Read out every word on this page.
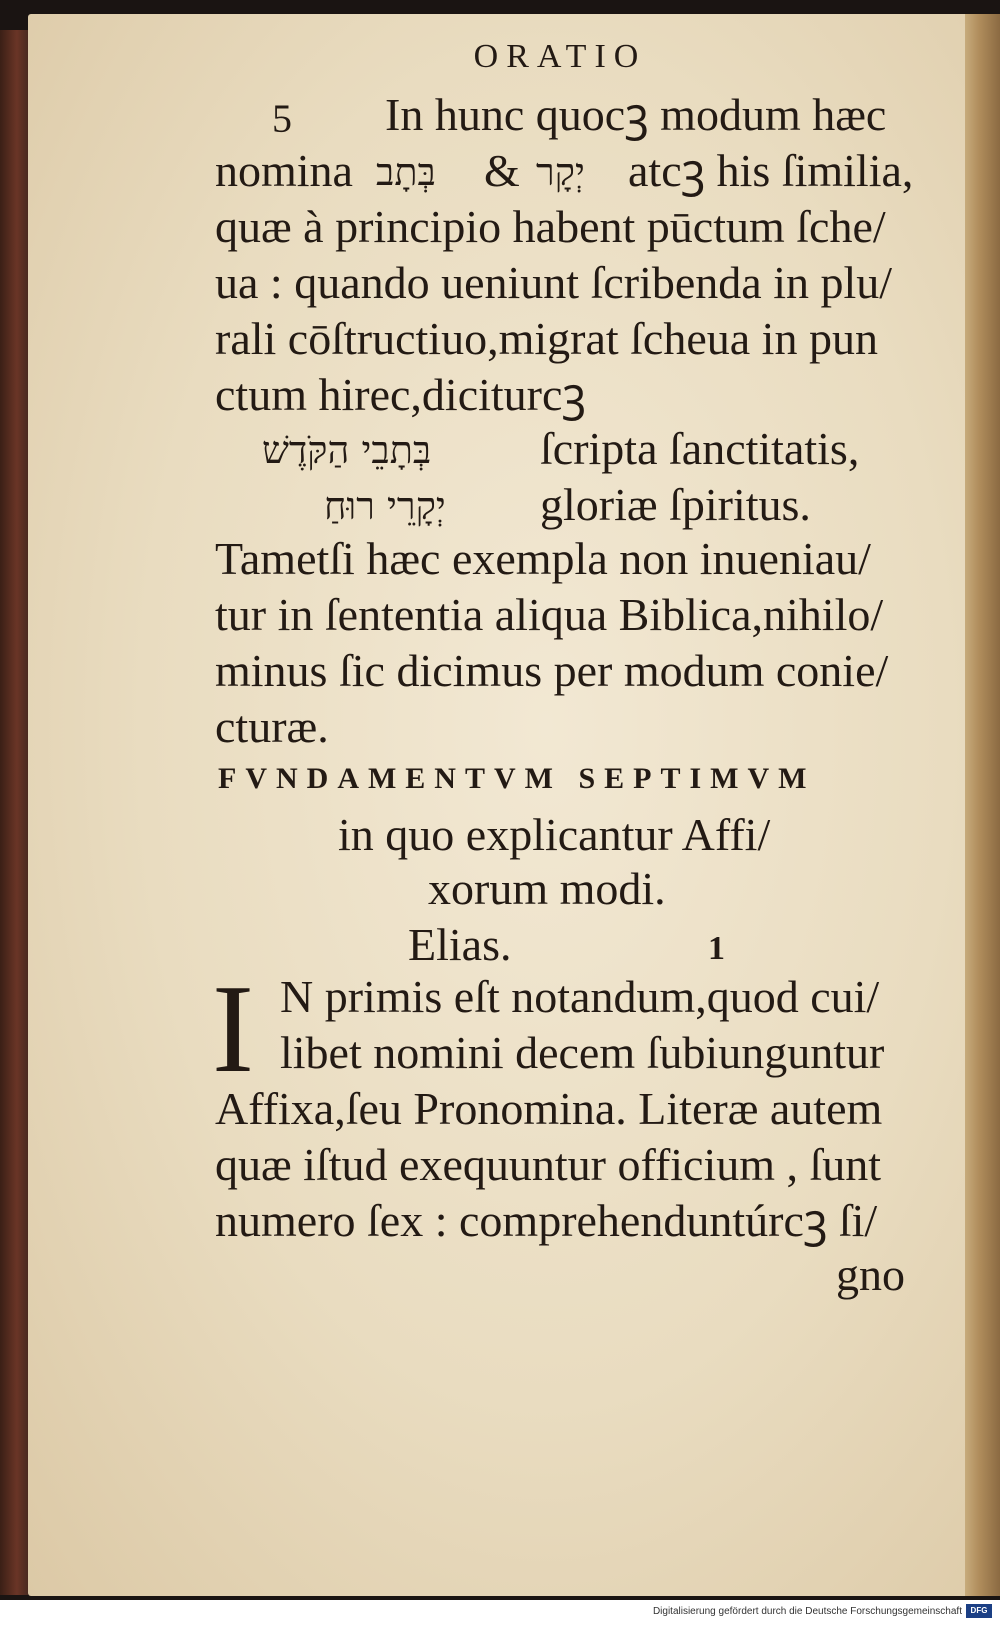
ORATIO
5 In hunc quocꝫ modum hæc
nomina בְּתָב & יְקָר atcꝫ his ſimilia,
quæ à principio habent pūctum ſche/
ua : quando ueniunt ſcribenda in plu/
rali cōſtructiuo,migrat ſcheua in pun
ctum hirec,diciturcꝫ
בְּתָבֵי הַקֹּדֶשׁ ſcripta ſanctitatis,
יְקָרֵי רוּחַ gloriæ ſpiritus.
Tametſi hæc exempla non inueniau/
tur in ſententia aliqua Biblica,nihilo/
minus ſic dicimus per modum conie/
cturæ.
FVNDAMENTVM SEPTIMVM
in quo explicantur Affi/
xorum modi.
Elias.	1
I N primis eſt notandum,quod cui/
libet nomini decem ſubiunguntur
Affixa,ſeu Pronomina. Literæ autem
quæ iſtud exequuntur officium , ſunt
numero ſex : comprehenduntúrcꝫ ſi/
gno
Digitalisierung gefördert durch die Deutsche Forschungsgemeinschaft	DFG
